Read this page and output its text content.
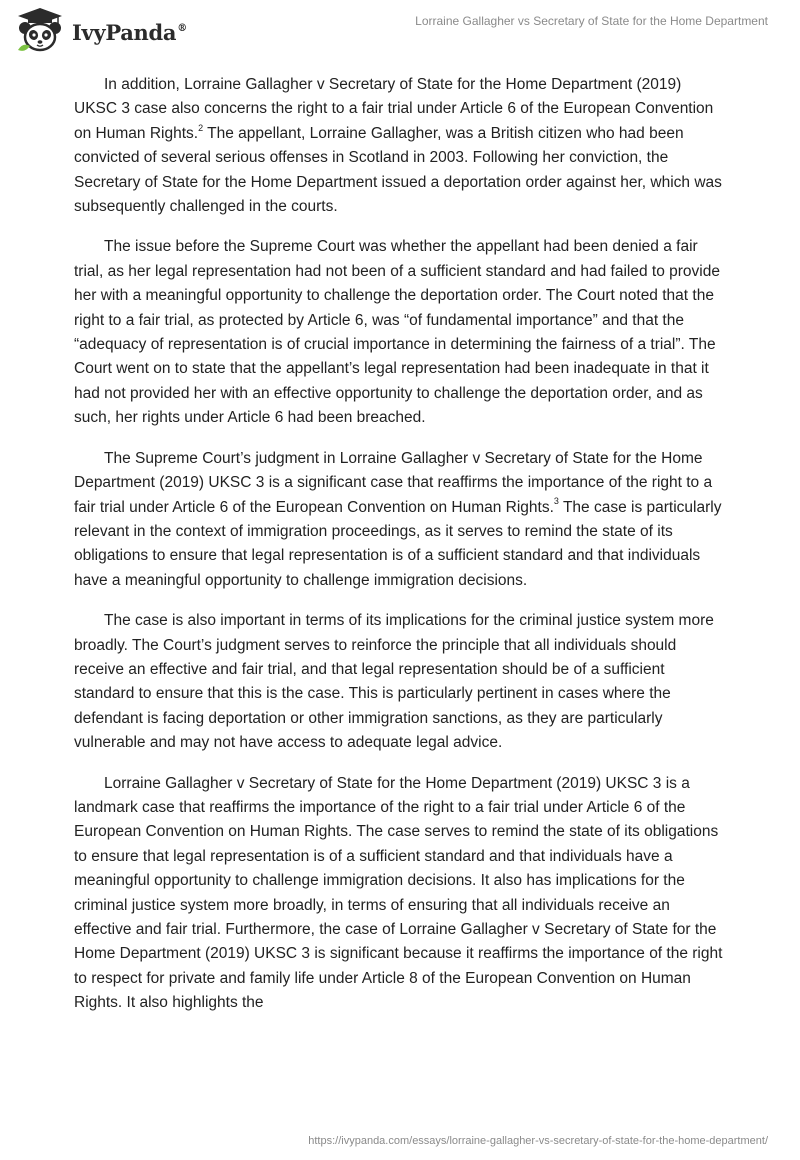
IvyPanda®	Lorraine Gallagher vs Secretary of State for the Home Department

In addition, Lorraine Gallagher v Secretary of State for the Home Department (2019) UKSC 3 case also concerns the right to a fair trial under Article 6 of the European Convention on Human Rights.$^2$ The appellant, Lorraine Gallagher, was a British citizen who had been convicted of several serious offenses in Scotland in 2003. Following her conviction, the Secretary of State for the Home Department issued a deportation order against her, which was subsequently challenged in the courts.

The issue before the Supreme Court was whether the appellant had been denied a fair trial, as her legal representation had not been of a sufficient standard and had failed to provide her with a meaningful opportunity to challenge the deportation order. The Court noted that the right to a fair trial, as protected by Article 6, was “of fundamental importance” and that the “adequacy of representation is of crucial importance in determining the fairness of a trial”. The Court went on to state that the appellant’s legal representation had been inadequate in that it had not provided her with an effective opportunity to challenge the deportation order, and as such, her rights under Article 6 had been breached.

The Supreme Court’s judgment in Lorraine Gallagher v Secretary of State for the Home Department (2019) UKSC 3 is a significant case that reaffirms the importance of the right to a fair trial under Article 6 of the European Convention on Human Rights.$^3$ The case is particularly relevant in the context of immigration proceedings, as it serves to remind the state of its obligations to ensure that legal representation is of a sufficient standard and that individuals have a meaningful opportunity to challenge immigration decisions.

The case is also important in terms of its implications for the criminal justice system more broadly. The Court’s judgment serves to reinforce the principle that all individuals should receive an effective and fair trial, and that legal representation should be of a sufficient standard to ensure that this is the case. This is particularly pertinent in cases where the defendant is facing deportation or other immigration sanctions, as they are particularly vulnerable and may not have access to adequate legal advice.

Lorraine Gallagher v Secretary of State for the Home Department (2019) UKSC 3 is a landmark case that reaffirms the importance of the right to a fair trial under Article 6 of the European Convention on Human Rights. The case serves to remind the state of its obligations to ensure that legal representation is of a sufficient standard and that individuals have a meaningful opportunity to challenge immigration decisions. It also has implications for the criminal justice system more broadly, in terms of ensuring that all individuals receive an effective and fair trial. Furthermore, the case of Lorraine Gallagher v Secretary of State for the Home Department (2019) UKSC 3 is significant because it reaffirms the importance of the right to respect for private and family life under Article 8 of the European Convention on Human Rights. It also highlights the

https://ivypanda.com/essays/lorraine-gallagher-vs-secretary-of-state-for-the-home-department/
